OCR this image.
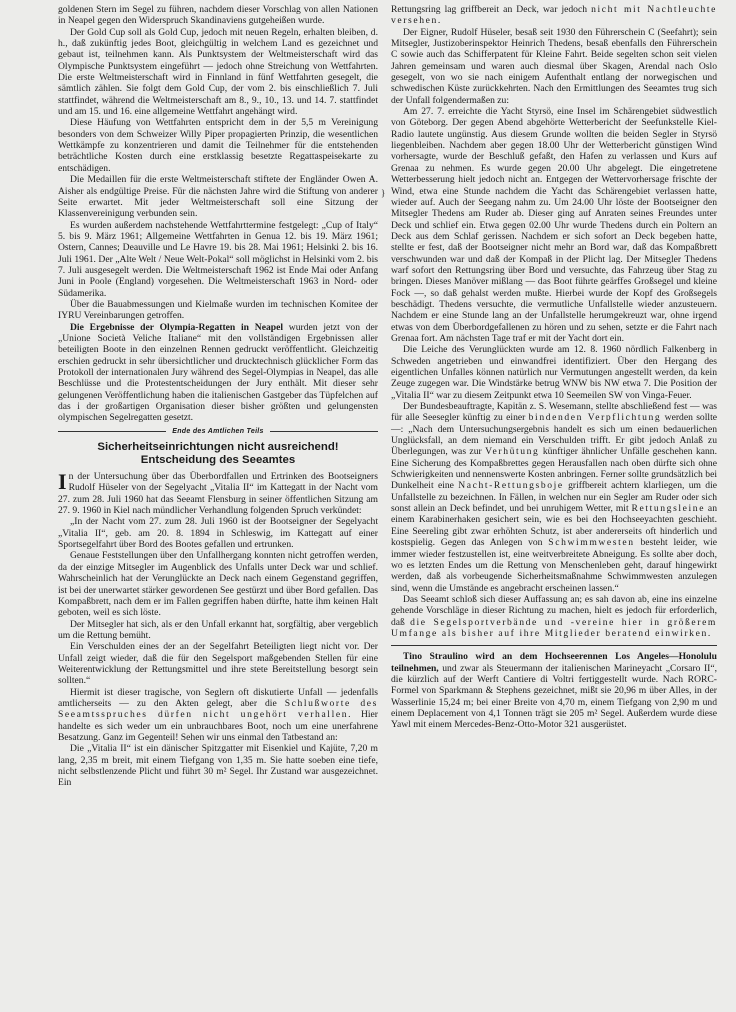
goldenen Stern im Segel zu führen, nachdem dieser Vorschlag von allen Nationen in Neapel gegen den Widerspruch Skandinaviens gutgeheißen wurde.

Der Gold Cup soll als Gold Cup, jedoch mit neuen Regeln, erhalten bleiben, d. h., daß zukünftig jedes Boot, gleichgültig in welchem Land es gezeichnet und gebaut ist, teilnehmen kann. Als Punktsystem der Weltmeisterschaft wird das Olympische Punktsystem eingeführt — jedoch ohne Streichung von Wettfahrten. Die erste Weltmeisterschaft wird in Finnland in fünf Wettfahrten gesegelt, die sämtlich zählen. Sie folgt dem Gold Cup, der vom 2. bis einschließlich 7. Juli stattfindet, während die Weltmeisterschaft am 8., 9., 10., 13. und 14. 7. stattfindet und am 15. und 16. eine allgemeine Wettfahrt angehängt wird.

Diese Häufung von Wettfahrten entspricht dem in der 5,5 m Vereinigung besonders von dem Schweizer Willy Piper propagierten Prinzip, die wesentlichen Wettkämpfe zu konzentrieren und damit die Teilnehmer für die entstehenden beträchtliche Kosten durch eine erstklassig besetzte Regattaspeisekarte zu entschädigen.

Die Medaillen für die erste Weltmeisterschaft stiftete der Engländer Owen A. Aisher als endgültige Preise. Für die nächsten Jahre wird die Stiftung von anderer Seite erwartet. Mit jeder Weltmeisterschaft soll eine Sitzung der Klassenvereinigung verbunden sein.

Es wurden außerdem nachstehende Wettfahrttermine festgelegt: „Cup of Italy“ 5. bis 9. März 1961; Allgemeine Wettfahrten in Genua 12. bis 19. März 1961; Ostern, Cannes; Deauville und Le Havre 19. bis 28. Mai 1961; Helsinki 2. bis 16. Juli 1961. Der „Alte Welt / Neue Welt-Pokal“ soll möglichst in Helsinki vom 2. bis 7. Juli ausgesegelt werden. Die Weltmeisterschaft 1962 ist Ende Mai oder Anfang Juni in Poole (England) vorgesehen. Die Weltmeisterschaft 1963 in Nord- oder Südamerika.

Über die Bauabmessungen und Kielmaße wurden im technischen Komitee der IYRU Vereinbarungen getroffen.

Die Ergebnisse der Olympia-Regatten in Neapel wurden jetzt von der „Unione Società Veliche Italiane“ mit den vollständigen Ergebnissen aller beteiligten Boote in den einzelnen Rennen gedruckt veröffentlicht. Gleichzeitig erschien gedruckt in sehr übersichtlicher und drucktechnisch glücklicher Form das Protokoll der internationalen Jury während des Segel-Olympias in Neapel, das alle Beschlüsse und die Protestentscheidungen der Jury enthält. Mit dieser sehr gelungenen Veröffentlichung haben die italienischen Gastgeber das Tüpfelchen auf das i der großartigen Organisation dieser bisher größten und gelungensten olympischen Segelregatten gesetzt.

Ende des Amtlichen Teils
Sicherheitseinrichtungen nicht ausreichend!
Entscheidung des Seeamtes

In der Untersuchung über das Überbordfallen und Ertrinken des Bootseigners Rudolf Hüseler von der Segelyacht „Vitalia II“ im Kattegatt in der Nacht vom 27. zum 28. Juli 1960 hat das Seeamt Flensburg in seiner öffentlichen Sitzung am 27. 9. 1960 in Kiel nach mündlicher Verhandlung folgenden Spruch verkündet:

„In der Nacht vom 27. zum 28. Juli 1960 ist der Bootseigner der Segelyacht „Vitalia II“, geb. am 20. 8. 1894 in Schleswig, im Kattegatt auf einer Sportsegelfahrt über Bord des Bootes gefallen und ertrunken.

Genaue Feststellungen über den Unfallhergang konnten nicht getroffen werden, da der einzige Mitsegler im Augenblick des Unfalls unter Deck war und schlief. Wahrscheinlich hat der Verunglückte an Deck nach einem Gegenstand gegriffen, ist bei der unerwartet stärker gewordenen See gestürzt und über Bord gefallen. Das Kompaßbrett, nach dem er im Fallen gegriffen haben dürfte, hatte ihm keinen Halt geboten, weil es sich löste.

Der Mitsegler hat sich, als er den Unfall erkannt hat, sorgfältig, aber vergeblich um die Rettung bemüht.

Ein Verschulden eines der an der Segelfahrt Beteiligten liegt nicht vor. Der Unfall zeigt wieder, daß die für den Segelsport maßgebenden Stellen für eine Weiterentwicklung der Rettungsmittel und ihre stete Bereitstellung besorgt sein sollten.“

Hiermit ist dieser tragische, von Seglern oft diskutierte Unfall — jedenfalls amtlicherseits — zu den Akten gelegt, aber die Schlußworte des Seeamtsspruches dürfen nicht ungehört verhallen. Hier handelte es sich weder um ein unbrauchbares Boot, noch um eine unerfahrene Besatzung. Ganz im Gegenteil! Sehen wir uns einmal den Tatbestand an:

Die „Vitalia II“ ist ein dänischer Spitzgatter mit Eisenkiel und Kajüte, 7,20 m lang, 2,35 m breit, mit einem Tiefgang von 1,35 m. Sie hatte soeben eine tiefe, nicht selbstlenzende Plicht und führt 30 m² Segel. Ihr Zustand war ausgezeichnet. Ein

}

Rettungsring lag griffbereit an Deck, war jedoch nicht mit Nachtleuchte versehen.

Der Eigner, Rudolf Hüseler, besaß seit 1930 den Führerschein C (Seefahrt); sein Mitsegler, Justizoberinspektor Heinrich Thedens, besaß ebenfalls den Führerschein C sowie auch das Schifferpatent für Kleine Fahrt. Beide segelten schon seit vielen Jahren gemeinsam und waren auch diesmal über Skagen, Arendal nach Oslo gesegelt, von wo sie nach einigem Aufenthalt entlang der norwegischen und schwedischen Küste zurückkehrten. Nach den Ermittlungen des Seeamtes trug sich der Unfall folgendermaßen zu:

Am 27. 7. erreichte die Yacht Styrsö, eine Insel im Schärengebiet südwestlich von Göteborg. Der gegen Abend abgehörte Wetterbericht der Seefunkstelle Kiel-Radio lautete ungünstig. Aus diesem Grunde wollten die beiden Segler in Styrsö liegenbleiben. Nachdem aber gegen 18.00 Uhr der Wetterbericht günstigen Wind vorhersagte, wurde der Beschluß gefaßt, den Hafen zu verlassen und Kurs auf Grenaa zu nehmen. Es wurde gegen 20.00 Uhr abgelegt. Die eingetretene Wetterbesserung hielt jedoch nicht an. Entgegen der Wettervorhersage frischte der Wind, etwa eine Stunde nachdem die Yacht das Schärengebiet verlassen hatte, wieder auf. Auch der Seegang nahm zu. Um 24.00 Uhr löste der Bootseigner den Mitsegler Thedens am Ruder ab. Dieser ging auf Anraten seines Freundes unter Deck und schlief ein. Etwa gegen 02.00 Uhr wurde Thedens durch ein Poltern an Deck aus dem Schlaf gerissen. Nachdem er sich sofort an Deck begeben hatte, stellte er fest, daß der Bootseigner nicht mehr an Bord war, daß das Kompaßbrett verschwunden war und daß der Kompaß in der Plicht lag. Der Mitsegler Thedens warf sofort den Rettungsring über Bord und versuchte, das Fahrzeug über Stag zu bringen. Dieses Manöver mißlang — das Boot führte geärffes Großsegel und kleine Fock —, so daß gehalst werden mußte. Hierbei wurde der Kopf des Großsegels beschädigt. Thedens versuchte, die vermutliche Unfallstelle wieder anzusteuern. Nachdem er eine Stunde lang an der Unfallstelle herumgekreuzt war, ohne irgend etwas von dem Überbordgefallenen zu hören und zu sehen, setzte er die Fahrt nach Grenaa fort. Am nächsten Tage traf er mit der Yacht dort ein.

Die Leiche des Verunglückten wurde am 12. 8. 1960 nördlich Falkenberg in Schweden angetrieben und einwandfrei identifiziert. Über den Hergang des eigentlichen Unfalles können natürlich nur Vermutungen angestellt werden, da kein Zeuge zugegen war. Die Windstärke betrug WNW bis NW etwa 7. Die Position der „Vitalia II“ war zu diesem Zeitpunkt etwa 10 Seemeilen SW von Vinga-Feuer.

Der Bundesbeauftragte, Kapitän z. S. Wesemann, stellte abschließend fest — was für alle Seesegler künftig zu einer bindenden Verpflichtung werden sollte —: „Nach dem Untersuchungsergebnis handelt es sich um einen bedauerlichen Unglücksfall, an dem niemand ein Verschulden trifft. Er gibt jedoch Anlaß zu Überlegungen, was zur Verhütung künftiger ähnlicher Unfälle geschehen kann. Eine Sicherung des Kompaßbrettes gegen Herausfallen nach oben dürfte sich ohne Schwierigkeiten und nennenswerte Kosten anbringen. Ferner sollte grundsätzlich bei Dunkelheit eine Nacht-Rettungsboje griffbereit achtern klarliegen, um die Unfallstelle zu bezeichnen. In Fällen, in welchen nur ein Segler am Ruder oder sich sonst allein an Deck befindet, und bei unruhigem Wetter, mit Rettungsleine an einem Karabinerhaken gesichert sein, wie es bei den Hochseeyachten geschieht. Eine Seereling gibt zwar erhöhten Schutz, ist aber andererseits oft hinderlich und kostspielig. Gegen das Anlegen von Schwimmwesten besteht leider, wie immer wieder festzustellen ist, eine weitverbreitete Abneigung. Es sollte aber doch, wo es letzten Endes um die Rettung von Menschenleben geht, darauf hingewirkt werden, daß als vorbeugende Sicherheitsmaßnahme Schwimmwesten anzulegen sind, wenn die Umstände es angebracht erscheinen lassen.“

Das Seeamt schloß sich dieser Auffassung an; es sah davon ab, eine ins einzelne gehende Vorschläge in dieser Richtung zu machen, hielt es jedoch für erforderlich, daß die Segelsportverbände und -vereine hier in größerem Umfange als bisher auf ihre Mitglieder beratend einwirken.

Tino Straulino wird an dem Hochseerennen Los Angeles—Honolulu teilnehmen, und zwar als Steuermann der italienischen Marineyacht „Corsaro II“, die kürzlich auf der Werft Cantiere di Voltri fertiggestellt wurde. Nach RORC-Formel von Sparkmann & Stephens gezeichnet, mißt sie 20,96 m über Alles, in der Wasserlinie 15,24 m; bei einer Breite von 4,70 m, einem Tiefgang von 2,90 m und einem Deplacement von 4,1 Tonnen trägt sie 205 m² Segel. Außerdem wurde diese Yawl mit einem Mercedes-Benz-Otto-Motor 321 ausgerüstet.
